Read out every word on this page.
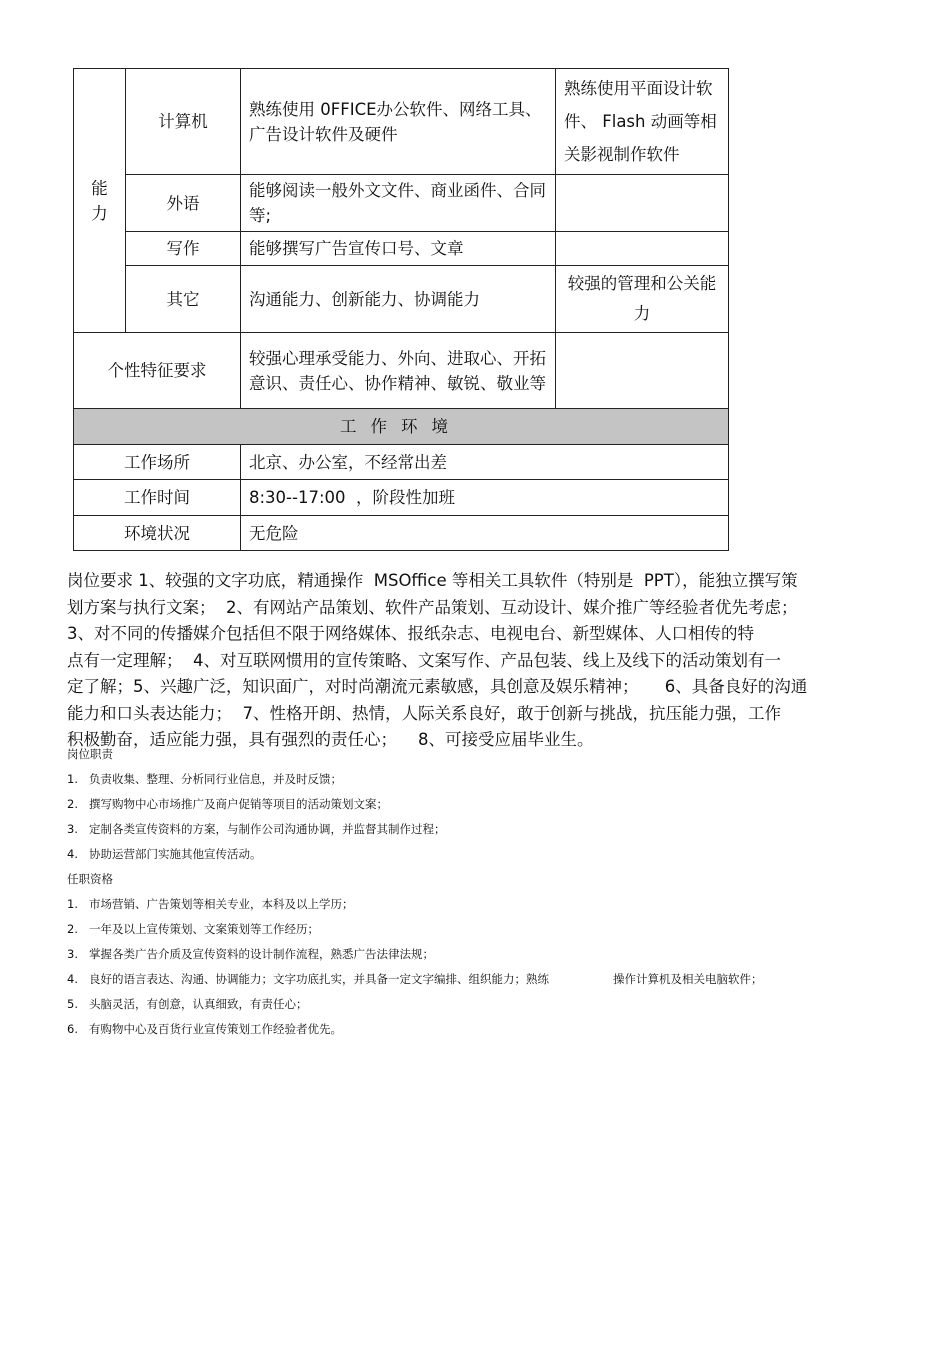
能
力	计算机	熟练使用 0FFICE办公软件、网络工具、广告设计软件及硬件	熟练使用平面设计软件、 Flash 动画等相关影视制作软件
	外语	能够阅读一般外文文件、商业函件、合同等;	
	写作	能够撰写广告宣传口号、文章	
	其它	沟通能力、创新能力、协调能力	较强的管理和公关能力
个性特征要求		较强心理承受能力、外向、进取心、开拓意识、责任心、协作精神、敏锐、敬业等	
工作环境			
工作场所		北京、办公室，不经常出差	
工作时间		8:30--17:00  ，阶段性加班	
环境状况		无危险	
岗位要求 1、较强的文字功底，精通操作  MSOffice 等相关工具软件（特别是  PPT），能独立撰写策
划方案与执行文案；  2、有网站产品策划、软件产品策划、互动设计、媒介推广等经验者优先考虑；
3、对不同的传播媒介包括但不限于网络媒体、报纸杂志、电视电台、新型媒体、人口相传的特
点有一定理解；  4、对互联网惯用的宣传策略、文案写作、产品包装、线上及线下的活动策划有一
定了解；5、兴趣广泛，知识面广，对时尚潮流元素敏感，具创意及娱乐精神；     6、具备良好的沟通
能力和口头表达能力；  7、性格开朗、热情，人际关系良好，敢于创新与挑战，抗压能力强，工作
积极勤奋，适应能力强，具有强烈的责任心；    8、可接受应届毕业生。
岗位职责
1. 负责收集、整理、分析同行业信息，并及时反馈；
2. 撰写购物中心市场推广及商户促销等项目的活动策划文案；
3. 定制各类宣传资料的方案，与制作公司沟通协调，并监督其制作过程；
4. 协助运营部门实施其他宣传活动。
任职资格
1. 市场营销、广告策划等相关专业，本科及以上学历；
2. 一年及以上宣传策划、文案策划等工作经历；
3. 掌握各类广告介质及宣传资料的设计制作流程，熟悉广告法律法规；
4. 良好的语言表达、沟通、协调能力；文字功底扎实，并具备一定文字编排、组织能力；熟练	操作计算机及相关电脑软件；
5. 头脑灵活，有创意，认真细致，有责任心；
6. 有购物中心及百货行业宣传策划工作经验者优先。
